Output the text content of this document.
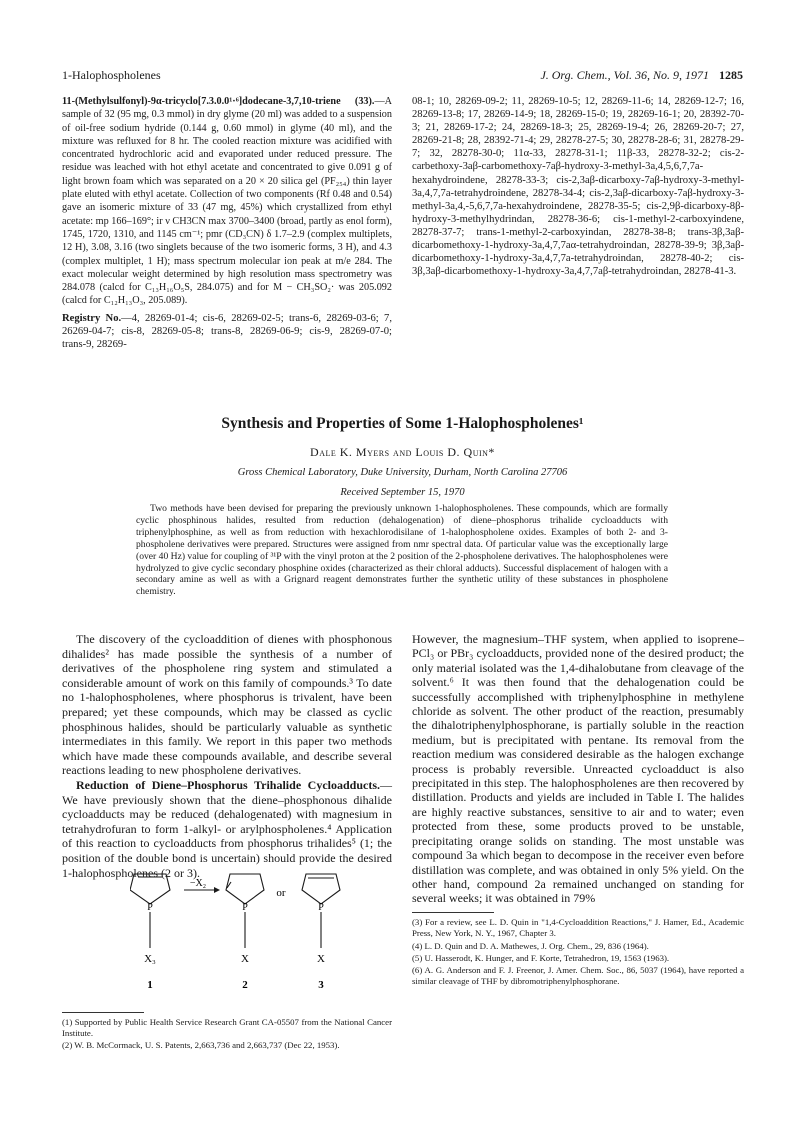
1-Halophospholenes	J. Org. Chem., Vol. 36, No. 9, 1971 1285

11-(Methylsulfonyl)-9α-tricyclo[7.3.0.0¹·⁶]dodecane-3,7,10-triene (33).—A sample of 32 (95 mg, 0.3 mmol) in dry glyme (20 ml) was added to a suspension of oil-free sodium hydride (0.144 g, 0.60 mmol) in glyme (40 ml), and the mixture was refluxed for 8 hr. The cooled reaction mixture was acidified with concentrated hydrochloric acid and evaporated under reduced pressure. The residue was leached with hot ethyl acetate and concentrated to give 0.091 g of light brown foam which was separated on a 20 × 20 silica gel (PF₂₅₄) thin layer plate eluted with ethyl acetate. Collection of two components (Rf 0.48 and 0.54) gave an isomeric mixture of 33 (47 mg, 45%) which crystallized from ethyl acetate: mp 166–169°; ir ν CH3CN max 3700–3400 (broad, partly as enol form), 1745, 1720, 1310, and 1145 cm⁻¹; pmr (CD₃CN) δ 1.7–2.9 (complex multiplets, 12 H), 3.08, 3.16 (two singlets because of the two isomeric forms, 3 H), and 4.3 (complex multiplet, 1 H); mass spectrum molecular ion peak at m/e 284. The exact molecular weight determined by high resolution mass spectrometry was 284.078 (calcd for C₁₃H₁₆O₅S, 284.075) and for M − CH₃SO₂· was 205.092 (calcd for C₁₂H₁₃O₃, 205.089).

Registry No.—4, 28269-01-4; cis-6, 28269-02-5; trans-6, 28269-03-6; 7, 26269-04-7; cis-8, 28269-05-8; trans-8, 28269-06-9; cis-9, 28269-07-0; trans-9, 28269-

08-1; 10, 28269-09-2; 11, 28269-10-5; 12, 28269-11-6; 14, 28269-12-7; 16, 28269-13-8; 17, 28269-14-9; 18, 28269-15-0; 19, 28269-16-1; 20, 28392-70-3; 21, 28269-17-2; 24, 28269-18-3; 25, 28269-19-4; 26, 28269-20-7; 27, 28269-21-8; 28, 28392-71-4; 29, 28278-27-5; 30, 28278-28-6; 31, 28278-29-7; 32, 28278-30-0; 11α-33, 28278-31-1; 11β-33, 28278-32-2; cis-2-carbethoxy-3aβ-carbomethoxy-7aβ-hydroxy-3-methyl-3a,4,5,6,7,7a-hexahydroindene, 28278-33-3; cis-2,3aβ-dicarboxy-7aβ-hydroxy-3-methyl-3a,4,7,7a-tetrahydroindene, 28278-34-4; cis-2,3aβ-dicarboxy-7aβ-hydroxy-3-methyl-3a,4,-5,6,7,7a-hexahydroindene, 28278-35-5; cis-2,9β-dicarboxy-8β-hydroxy-3-methylhydrindan, 28278-36-6; cis-1-methyl-2-carboxyindene, 28278-37-7; trans-1-methyl-2-carboxyindan, 28278-38-8; trans-3β,3aβ-dicarbomethoxy-1-hydroxy-3a,4,7,7aα-tetrahydroindan, 28278-39-9; 3β,3aβ-dicarbomethoxy-1-hydroxy-3a,4,7,7a-tetrahydroindan, 28278-40-2; cis-3β,3aβ-dicarbomethoxy-1-hydroxy-3a,4,7,7aβ-tetrahydroindan, 28278-41-3.

Synthesis and Properties of Some 1-Halophospholenes¹

Dale K. Myers and Louis D. Quin*

Gross Chemical Laboratory, Duke University, Durham, North Carolina 27706

Received September 15, 1970

Two methods have been devised for preparing the previously unknown 1-halophospholenes. These compounds, which are formally cyclic phosphinous halides, resulted from reduction (dehalogenation) of diene–phosphorus trihalide cycloadducts with triphenylphosphine, as well as from reduction with hexachlorodisilane of 1-halophospholene oxides. Examples of both 2- and 3-phospholene derivatives were prepared. Structures were assigned from nmr spectral data. Of particular value was the exceptionally large (over 40 Hz) value for coupling of ³¹P with the vinyl proton at the 2 position of the 2-phospholene derivatives. The halophospholenes were hydrolyzed to give cyclic secondary phosphine oxides (characterized as their chloral adducts). Successful displacement of halogen with a secondary amine as well as with a Grignard reagent demonstrates further the synthetic utility of these substances in phospholene chemistry.

The discovery of the cycloaddition of dienes with phosphonous dihalides² has made possible the synthesis of a number of derivatives of the phospholene ring system and stimulated a considerable amount of work on this family of compounds.³ To date no 1-halophospholenes, where phosphorus is trivalent, have been prepared; yet these compounds, which may be classed as cyclic phosphinous halides, should be particularly valuable as synthetic intermediates in this family. We report in this paper two methods which have made these compounds available, and describe several reactions leading to new phospholene derivatives.

Reduction of Diene–Phosphorus Trihalide Cycloadducts.—We have previously shown that the diene–phosphonous dihalide cycloadducts may be reduced (dehalogenated) with magnesium in tetrahydrofuran to form 1-alkyl- or arylphospholenes.⁴ Application of this reaction to cycloadducts from phosphorus trihalides⁵ (1; the position of the double bond is uncertain) should provide the desired 1-halophospholenes (2 or 3).

P
X₃
1
−X₂
P
X
2
or
P
X
3

(1) Supported by Public Health Service Research Grant CA-05507 from the National Cancer Institute.

(2) W. B. McCormack, U. S. Patents, 2,663,736 and 2,663,737 (Dec 22, 1953).

However, the magnesium–THF system, when applied to isoprene–PCl₃ or PBr₃ cycloadducts, provided none of the desired product; the only material isolated was the 1,4-dihalobutane from cleavage of the solvent.⁶ It was then found that the dehalogenation could be successfully accomplished with triphenylphosphine in methylene chloride as solvent. The other product of the reaction, presumably the dihalotriphenylphosphorane, is partially soluble in the reaction medium, but is precipitated with pentane. Its removal from the reaction medium was considered desirable as the halogen exchange process is probably reversible. Unreacted cycloadduct is also precipitated in this step. The halophospholenes are then recovered by distillation. Products and yields are included in Table I. The halides are highly reactive substances, sensitive to air and to water; even protected from these, some products proved to be unstable, precipitating orange solids on standing. The most unstable was compound 3a which began to decompose in the receiver even before distillation was complete, and was obtained in only 5% yield. On the other hand, compound 2a remained unchanged on standing for several weeks; it was obtained in 79%

(3) For a review, see L. D. Quin in "1,4-Cycloaddition Reactions," J. Hamer, Ed., Academic Press, New York, N. Y., 1967, Chapter 3.

(4) L. D. Quin and D. A. Mathewes, J. Org. Chem., 29, 836 (1964).

(5) U. Hasserodt, K. Hunger, and F. Korte, Tetrahedron, 19, 1563 (1963).

(6) A. G. Anderson and F. J. Freenor, J. Amer. Chem. Soc., 86, 5037 (1964), have reported a similar cleavage of THF by dibromotriphenylphosphorane.
